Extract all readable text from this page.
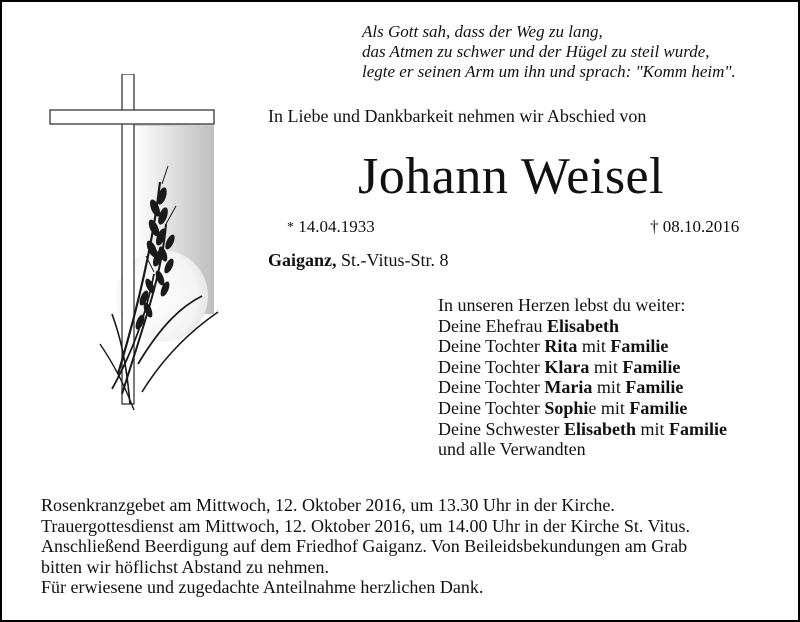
Als Gott sah, dass der Weg zu lang,
das Atmen zu schwer und der Hügel zu steil wurde,
legte er seinen Arm um ihn und sprach: "Komm heim".
In Liebe und Dankbarkeit nehmen wir Abschied von
Johann Weisel
* 14.04.1933	† 08.10.2016
Gaiganz, St.-Vitus-Str. 8
In unseren Herzen lebst du weiter:
Deine Ehefrau Elisabeth
Deine Tochter Rita mit Familie
Deine Tochter Klara mit Familie
Deine Tochter Maria mit Familie
Deine Tochter Sophie mit Familie
Deine Schwester Elisabeth mit Familie
und alle Verwandten
Rosenkranzgebet am Mittwoch, 12. Oktober 2016, um 13.30 Uhr in der Kirche.
Trauergottesdienst am Mittwoch, 12. Oktober 2016, um 14.00 Uhr in der Kirche St. Vitus.
Anschließend Beerdigung auf dem Friedhof Gaiganz. Von Beileidsbekundungen am Grab
bitten wir höflichst Abstand zu nehmen.
Für erwiesene und zugedachte Anteilnahme herzlichen Dank.
